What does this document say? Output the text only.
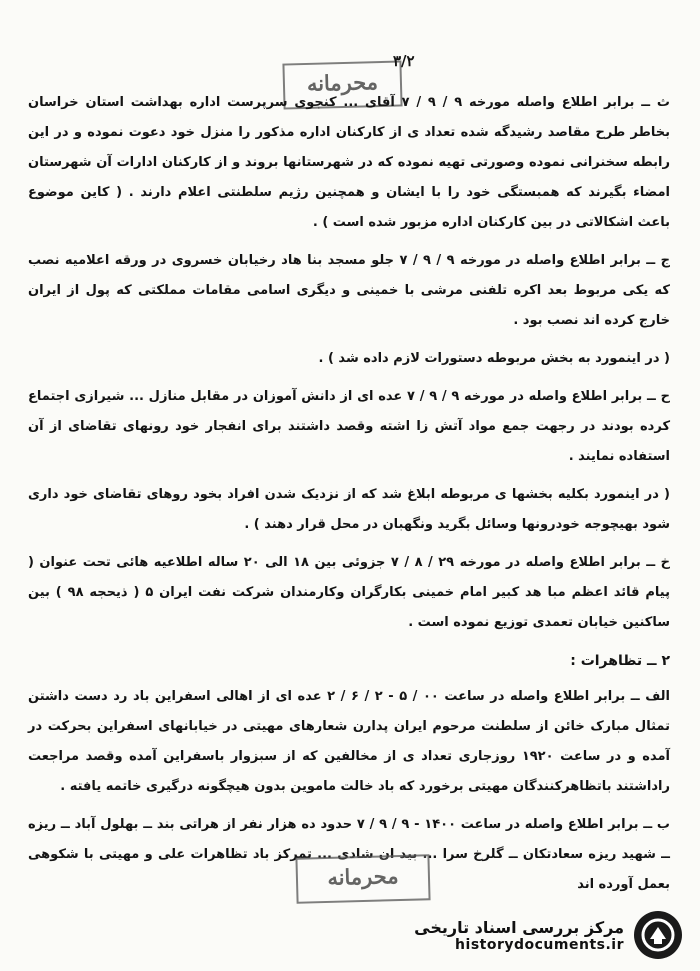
محرمانه
۳/۲

ث ــ برابر اطلاع واصله مورخه ۹ / ۹ / ۷ آقای ... کنجوی سرپرست اداره بهداشت استان خراسان بخاطر طرح مقاصد رشیدگه شده تعداد ی از کارکنان اداره مذکور را منزل خود دعوت نموده و در این رابطه سخنرانی نموده وصورتی تهیه نموده که در شهرستانها بروند و از کارکنان ادارات آن شهرستان امضاء بگیرند که همبستگی خود را با ایشان و همچنین رژیم سلطنتی اعلام دارند . ( کاین موضوع باعث اشکالاتی در بین کارکنان اداره مزبور شده است ) .

ج ــ برابر اطلاع واصله در مورخه ۹ / ۹ / ۷ جلو مسجد بنا هاد رخیابان خسروی در ورقه اعلامیه نصب که یکی مربوط بعد اکره تلفنی مرشی با خمینی و دیگری اسامی مقامات مملکتی که پول از ایران خارج کرده اند نصب بود .

( در اینمورد به بخش مربوطه دستورات لازم داده شد ) .

ح ــ برابر اطلاع واصله در مورخه ۹ / ۹ / ۷ عده ای از دانش آموزان در مقابل منازل ... شیرازی اجتماع کرده بودند در رجهت جمع مواد آتش زا اشته وقصد داشتند برای انفجار خود رونهای تقاضای از آن استفاده نمایند .

( در اینمورد بکلیه بخشها ی مربوطه ابلاغ شد که از نزدیک شدن افراد بخود روهای تقاضای خود داری شود بهیچوجه خودرونها وسائل بگرید ونگهبان در محل قرار دهند ) .

خ ــ برابر اطلاع واصله در مورخه ۲۹ / ۸ / ۷ جزوئی بین ۱۸ الی ۲۰ ساله اطلاعیه هائی تحت عنوان ( پیام قائد اعظم مبا هد کبیر امام خمینی بکارگران وکارمندان شرکت نفت ایران ۵ ( ذیحجه ۹۸ ) بین ساکنین خیابان تعمدی توزیع نموده است .

۲ ــ تظاهرات :

الف ــ برابر اطلاع واصله در ساعت ۰۰ / ۵ - ۲ / ۶ / ۲ عده ای از اهالی اسفراین باد رد دست داشتن تمثال مبارک خائن از سلطنت مرحوم ایران پدارن شعارهای مهیتی در خیابانهای اسفراین بحرکت در آمده و در ساعت ۱۹۲۰ روزجاری تعداد ی از مخالفین که از سبزوار باسفراین آمده وقصد مراجعت راداشتند باتظاهرکنندگان مهیتی برخورد که باد خالت ماموین بدون هیچگونه درگیری خاتمه یافته .

ب ــ برابر اطلاع واصله در ساعت ۱۴۰۰ - ۹ / ۹ / ۷ حدود ده هزار نفر از هراتی بند ــ بهلول آباد ــ ریزه ــ شهید ریزه سعادتکان ــ گلرخ سرا ... بید ان شادی ... تمرکز باد تظاهرات علی و مهیتی با شکوهی بعمل آورده اند

محرمانه
مرکز بررسی اسناد تاریخی
historydocuments.ir
